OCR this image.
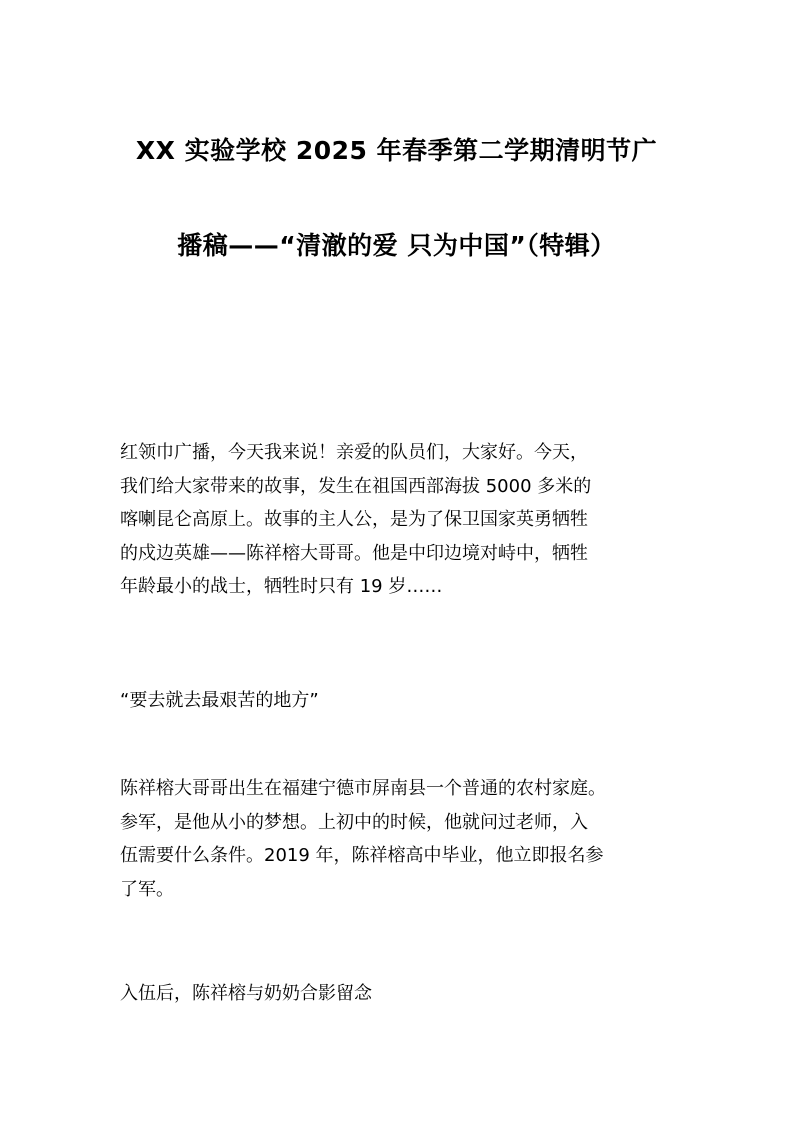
XX 实验学校 2025 年春季第二学期清明节广
播稿——“清澈的爱 只为中国”（特辑）
红领巾广播，今天我来说！亲爱的队员们，大家好。今天，
我们给大家带来的故事，发生在祖国西部海拔 5000 多米的
喀喇昆仑高原上。故事的主人公，是为了保卫国家英勇牺牲
的戍边英雄——陈祥榕大哥哥。他是中印边境对峙中，牺牲
年龄最小的战士，牺牲时只有 19 岁……
“要去就去最艰苦的地方”
陈祥榕大哥哥出生在福建宁德市屏南县一个普通的农村家庭。
参军，是他从小的梦想。上初中的时候，他就问过老师，入
伍需要什么条件。2019 年，陈祥榕高中毕业，他立即报名参
了军。
入伍后，陈祥榕与奶奶合影留念
